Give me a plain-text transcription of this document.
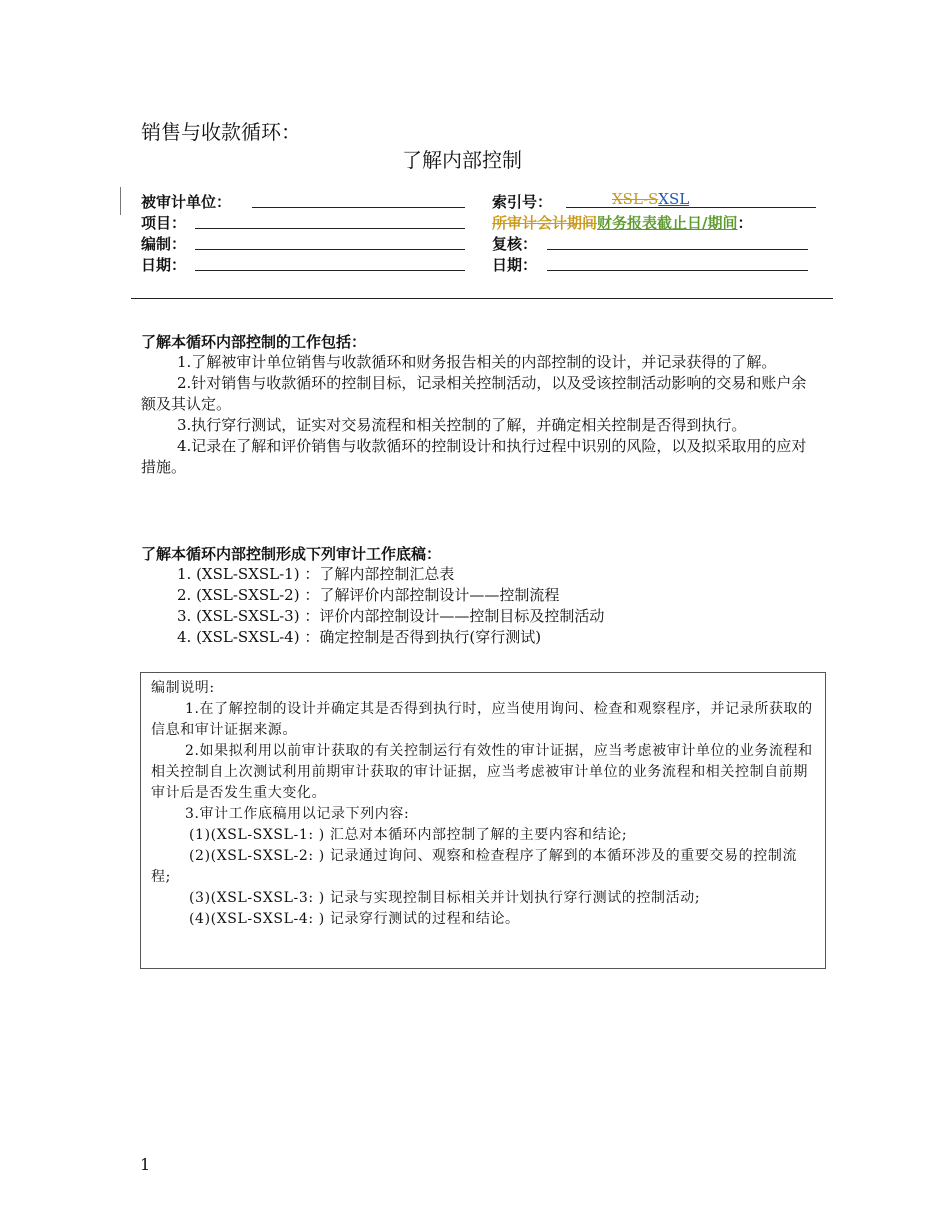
销售与收款循环：
了解内部控制
被审计单位：	索引号：	XSL-SXSL
项目：	所审计会计期间财务报表截止日/期间：
编制：	复核：
日期：	日期：
了解本循环内部控制的工作包括：
1.了解被审计单位销售与收款循环和财务报告相关的内部控制的设计，并记录获得的了解。
2.针对销售与收款循环的控制目标，记录相关控制活动，以及受该控制活动影响的交易和账户余额及其认定。
3.执行穿行测试，证实对交易流程和相关控制的了解，并确定相关控制是否得到执行。
4.记录在了解和评价销售与收款循环的控制设计和执行过程中识别的风险，以及拟采取用的应对措施。
了解本循环内部控制形成下列审计工作底稿：
1. (XSL-SXSL-1) ：了解内部控制汇总表
2. (XSL-SXSL-2) ：了解评价内部控制设计——控制流程
3. (XSL-SXSL-3) ：评价内部控制设计——控制目标及控制活动
4. (XSL-SXSL-4) ：确定控制是否得到执行(穿行测试)
编制说明:
1.在了解控制的设计并确定其是否得到执行时，应当使用询问、检查和观察程序，并记录所获取的信息和审计证据来源。
2.如果拟利用以前审计获取的有关控制运行有效性的审计证据，应当考虑被审计单位的业务流程和相关控制自上次测试利用前期审计获取的审计证据，应当考虑被审计单位的业务流程和相关控制自前期审计后是否发生重大变化。
3.审计工作底稿用以记录下列内容:
(1)(XSL-SXSL-1: ) 汇总对本循环内部控制了解的主要内容和结论;
(2)(XSL-SXSL-2: ) 记录通过询问、观察和检查程序了解到的本循环涉及的重要交易的控制流程;
(3)(XSL-SXSL-3: ) 记录与实现控制目标相关并计划执行穿行测试的控制活动;
(4)(XSL-SXSL-4: ) 记录穿行测试的过程和结论。
1
